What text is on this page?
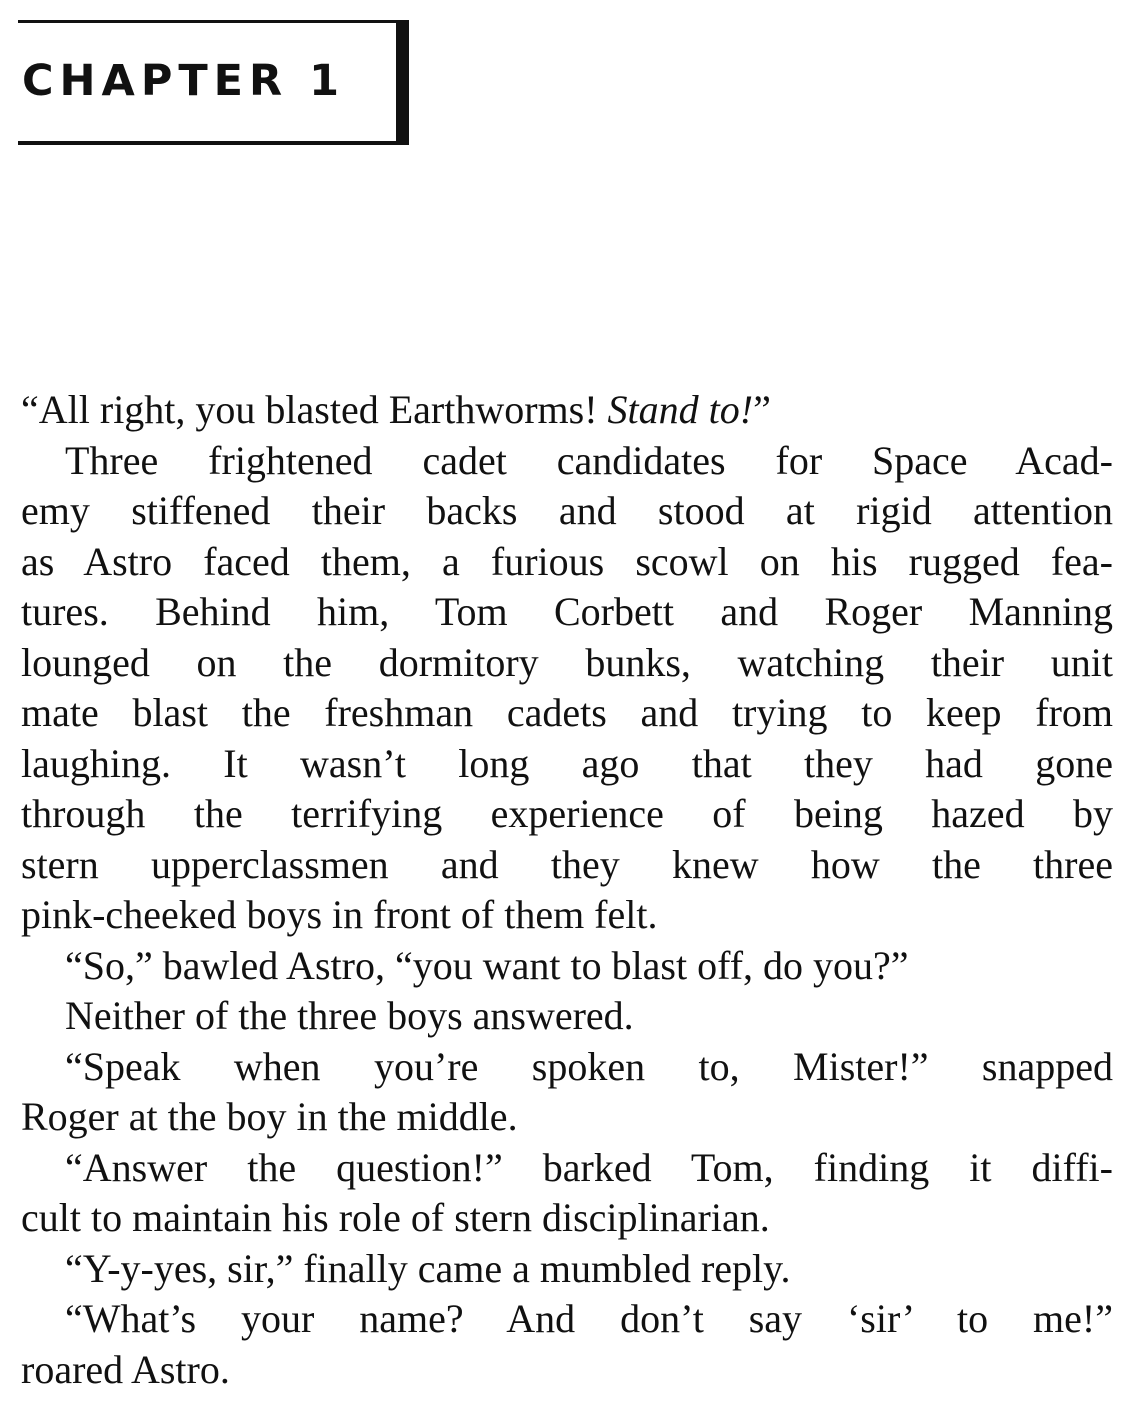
CHAPTER 1
“All right, you blasted Earthworms! Stand to!”
Three frightened cadet candidates for Space Acad-
emy stiffened their backs and stood at rigid attention
as Astro faced them, a furious scowl on his rugged fea-
tures. Behind him, Tom Corbett and Roger Manning
lounged on the dormitory bunks, watching their unit
mate blast the freshman cadets and trying to keep from
laughing. It wasn’t long ago that they had gone
through the terrifying experience of being hazed by
stern upperclassmen and they knew how the three
pink-cheeked boys in front of them felt.
“So,” bawled Astro, “you want to blast off, do you?”
Neither of the three boys answered.
“Speak when you’re spoken to, Mister!” snapped
Roger at the boy in the middle.
“Answer the question!” barked Tom, finding it diffi-
cult to maintain his role of stern disciplinarian.
“Y-y-yes, sir,” finally came a mumbled reply.
“What’s your name? And don’t say ‘sir’ to me!”
roared Astro.
